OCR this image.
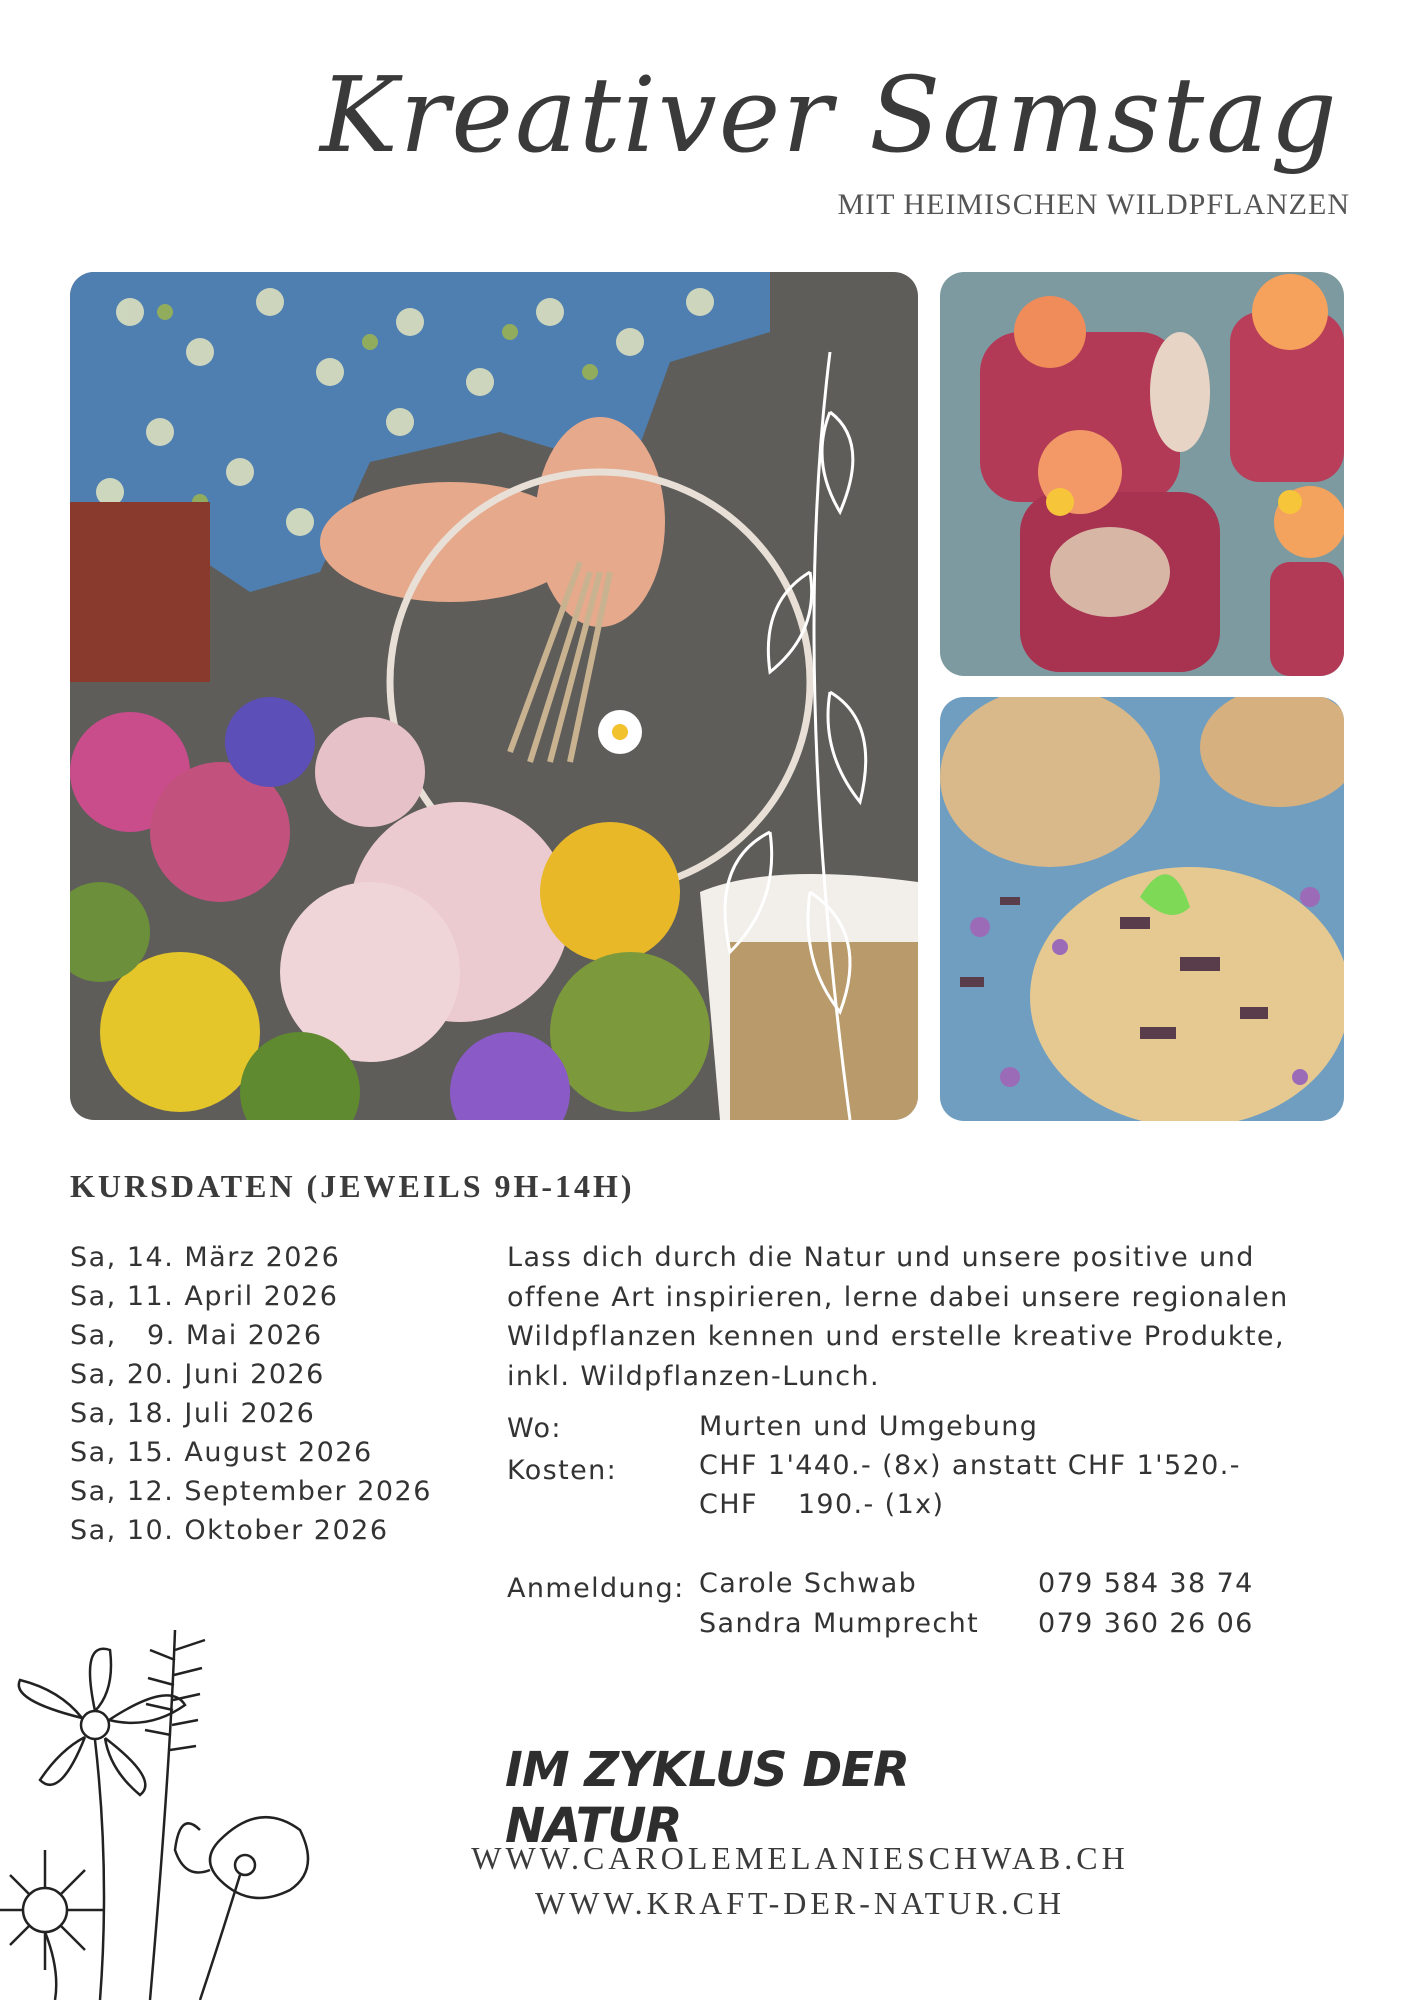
Kreativer Samstag
MIT HEIMISCHEN WILDPFLANZEN
KURSDATEN (JEWEILS 9H-14H)
Sa, 14. März 2026
Sa, 11. April 2026
Sa,   9. Mai 2026
Sa, 20. Juni 2026
Sa, 18. Juli 2026
Sa, 15. August 2026
Sa, 12. September 2026
Sa, 10. Oktober 2026
Lass dich durch die Natur und unsere positive und offene Art inspirieren, lerne dabei unsere regionalen Wildpflanzen kennen und erstelle kreative Produkte, inkl. Wildpflanzen-Lunch.
Wo:	Murten und Umgebung
Kosten:	CHF 1'440.- (8x) anstatt CHF 1'520.-
CHF    190.- (1x)
Anmeldung: Carole Schwab	079 584 38 74
Sandra Mumprecht 079 360 26 06
IM ZYKLUS DER NATUR
WWW.CAROLEMELANIESCHWAB.CH
WWW.KRAFT-DER-NATUR.CH
